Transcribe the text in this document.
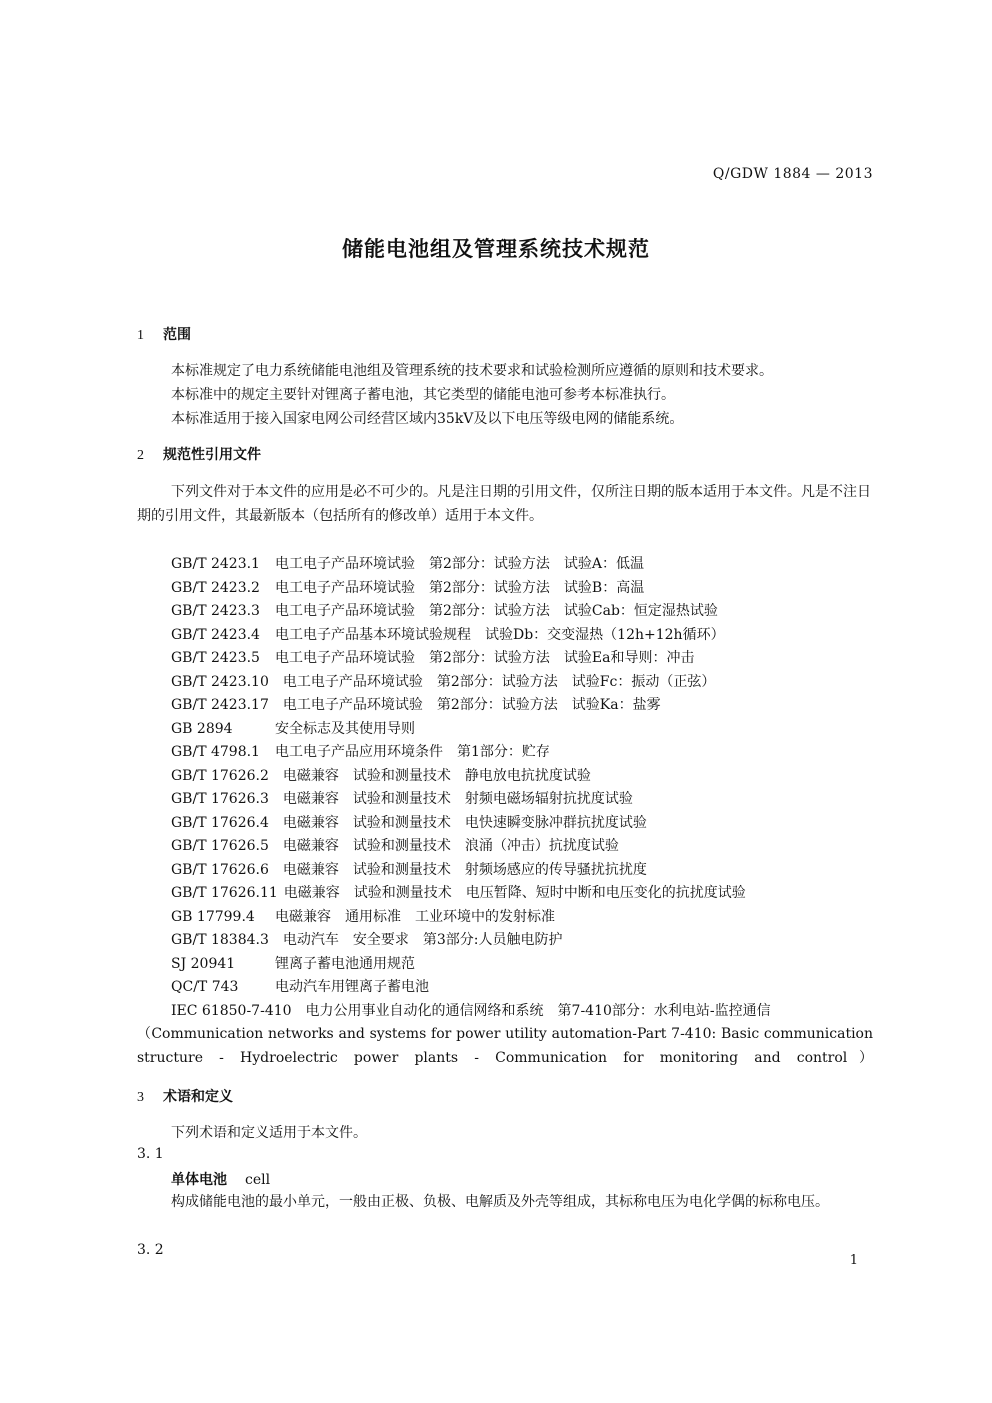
Q/GDW 1884 — 2013
储能电池组及管理系统技术规范
1 范围
本标准规定了电力系统储能电池组及管理系统的技术要求和试验检测所应遵循的原则和技术要求。
本标准中的规定主要针对锂离子蓄电池，其它类型的储能电池可参考本标准执行。
本标准适用于接入国家电网公司经营区域内35kV及以下电压等级电网的储能系统。
2 规范性引用文件
下列文件对于本文件的应用是必不可少的。凡是注日期的引用文件，仅所注日期的版本适用于本文件。凡是不注日期的引用文件，其最新版本（包括所有的修改单）适用于本文件。
GB/T 2423.1 电工电子产品环境试验　第2部分：试验方法　试验A：低温
GB/T 2423.2 电工电子产品环境试验　第2部分：试验方法　试验B：高温
GB/T 2423.3 电工电子产品环境试验　第2部分：试验方法　试验Cab：恒定湿热试验
GB/T 2423.4 电工电子产品基本环境试验规程　试验Db：交变湿热（12h+12h循环）
GB/T 2423.5 电工电子产品环境试验　第2部分：试验方法　试验Ea和导则：冲击
GB/T 2423.10 电工电子产品环境试验　第2部分：试验方法　试验Fc：振动（正弦）
GB/T 2423.17 电工电子产品环境试验　第2部分：试验方法　试验Ka：盐雾
GB 2894	安全标志及其使用导则
GB/T 4798.1 电工电子产品应用环境条件　第1部分：贮存
GB/T 17626.2 电磁兼容　试验和测量技术　静电放电抗扰度试验
GB/T 17626.3 电磁兼容　试验和测量技术　射频电磁场辐射抗扰度试验
GB/T 17626.4 电磁兼容　试验和测量技术　电快速瞬变脉冲群抗扰度试验
GB/T 17626.5 电磁兼容　试验和测量技术　浪涌（冲击）抗扰度试验
GB/T 17626.6 电磁兼容　试验和测量技术　射频场感应的传导骚扰抗扰度
GB/T 17626.11 电磁兼容　试验和测量技术　电压暂降、短时中断和电压变化的抗扰度试验
GB 17799.4 电磁兼容　通用标准　工业环境中的发射标准
GB/T 18384.3 电动汽车　安全要求　第3部分:人员触电防护
SJ 20941	锂离子蓄电池通用规范
QC/T 743	电动汽车用锂离子蓄电池
IEC 61850-7-410　电力公用事业自动化的通信网络和系统　第7-410部分：水利电站-监控通信
（Communication networks and systems for power utility automation-Part 7-410: Basic communication structure - Hydroelectric power plants - Communication for monitoring and control）
3 术语和定义
下列术语和定义适用于本文件。
3. 1
单体电池 cell
构成储能电池的最小单元，一般由正极、负极、电解质及外壳等组成，其标称电压为电化学偶的标称电压。
3. 2
1
